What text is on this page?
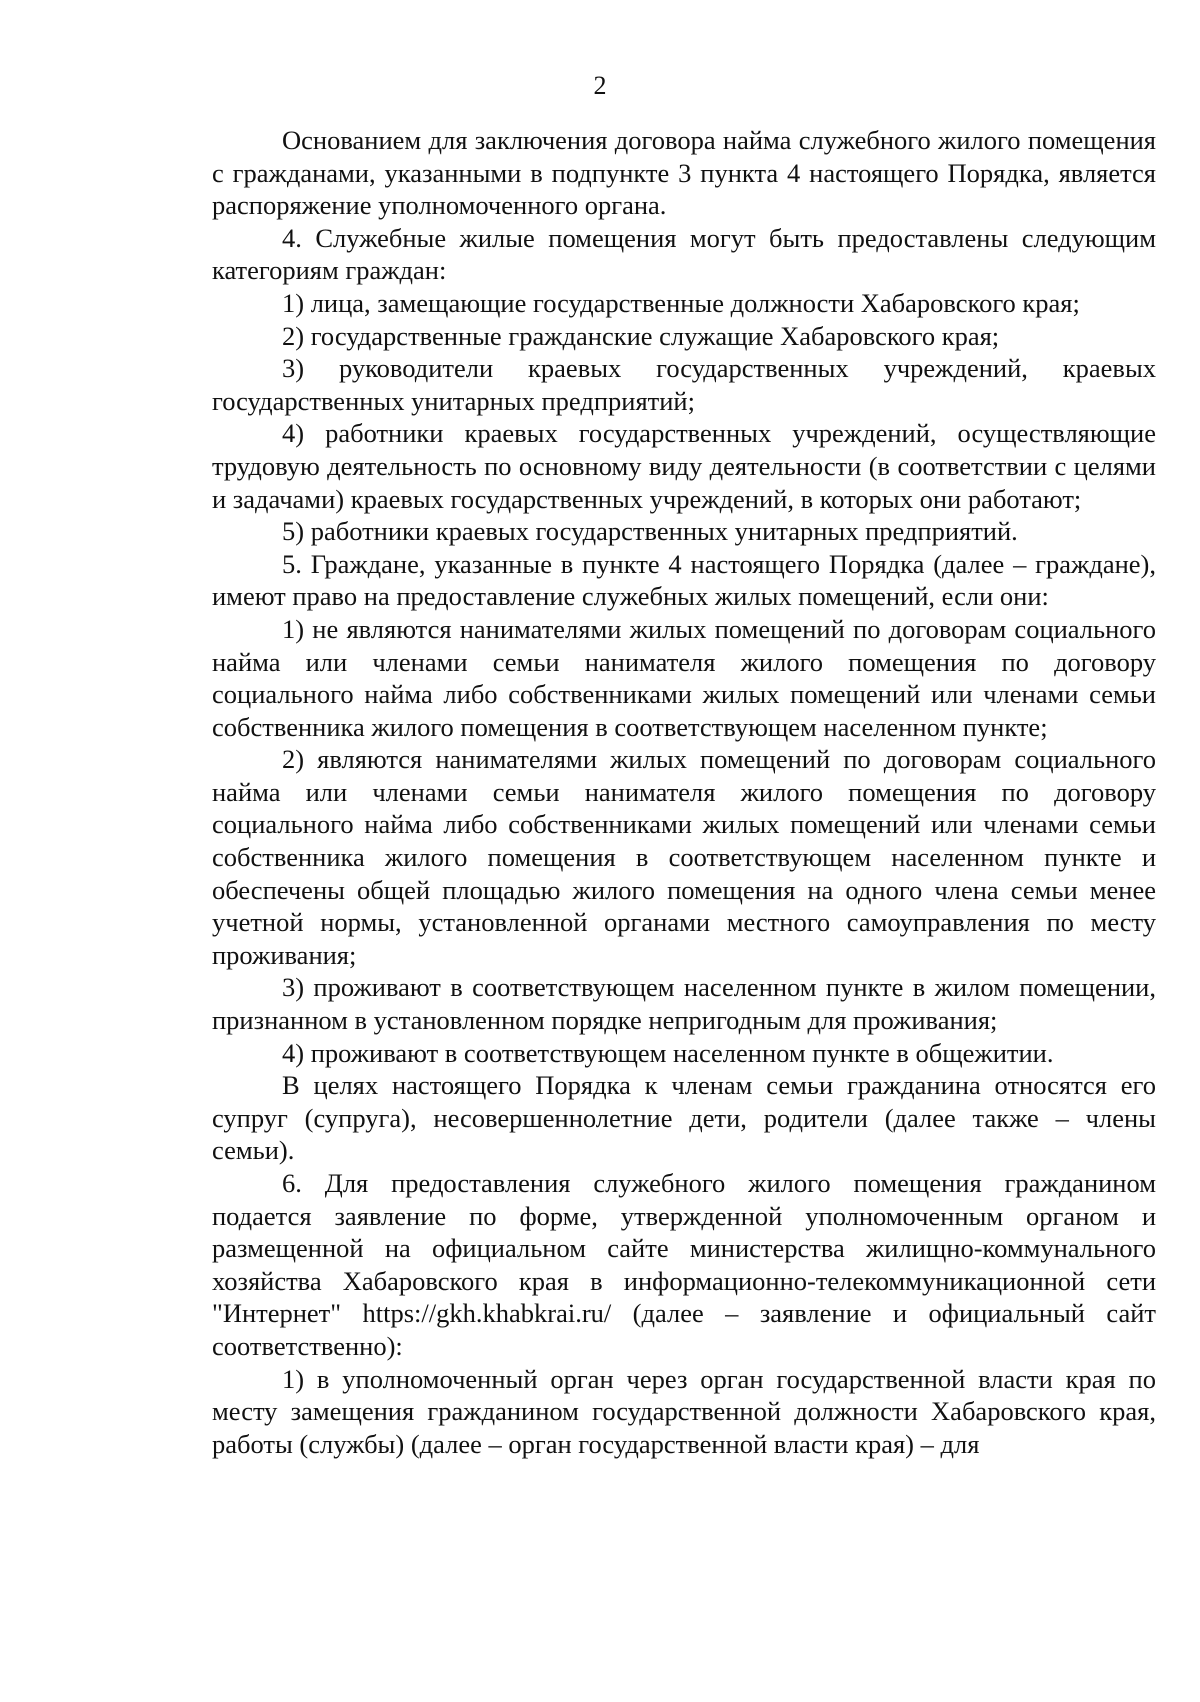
2

Основанием для заключения договора найма служебного жилого помещения с гражданами, указанными в подпункте 3 пункта 4 настоящего Порядка, является распоряжение уполномоченного органа.

4. Служебные жилые помещения могут быть предоставлены следующим категориям граждан:

1) лица, замещающие государственные должности Хабаровского края;

2) государственные гражданские служащие Хабаровского края;

3) руководители краевых государственных учреждений, краевых государственных унитарных предприятий;

4) работники краевых государственных учреждений, осуществляющие трудовую деятельность по основному виду деятельности (в соответствии с целями и задачами) краевых государственных учреждений, в которых они работают;

5) работники краевых государственных унитарных предприятий.

5. Граждане, указанные в пункте 4 настоящего Порядка (далее – граждане), имеют право на предоставление служебных жилых помещений, если они:

1) не являются нанимателями жилых помещений по договорам социального найма или членами семьи нанимателя жилого помещения по договору социального найма либо собственниками жилых помещений или членами семьи собственника жилого помещения в соответствующем населенном пункте;

2) являются нанимателями жилых помещений по договорам социального найма или членами семьи нанимателя жилого помещения по договору социального найма либо собственниками жилых помещений или членами семьи собственника жилого помещения в соответствующем населенном пункте и обеспечены общей площадью жилого помещения на одного члена семьи менее учетной нормы, установленной органами местного самоуправления по месту проживания;

3) проживают в соответствующем населенном пункте в жилом помещении, признанном в установленном порядке непригодным для проживания;

4) проживают в соответствующем населенном пункте в общежитии.

В целях настоящего Порядка к членам семьи гражданина относятся его супруг (супруга), несовершеннолетние дети, родители (далее также – члены семьи).

6. Для предоставления служебного жилого помещения гражданином подается заявление по форме, утвержденной уполномоченным органом и размещенной на официальном сайте министерства жилищно-коммунального хозяйства Хабаровского края в информационно-телекоммуникационной сети "Интернет" https://gkh.khabkrai.ru/ (далее – заявление и официальный сайт соответственно):

1) в уполномоченный орган через орган государственной власти края по месту замещения гражданином государственной должности Хабаровского края, работы (службы) (далее – орган государственной власти края) – для
